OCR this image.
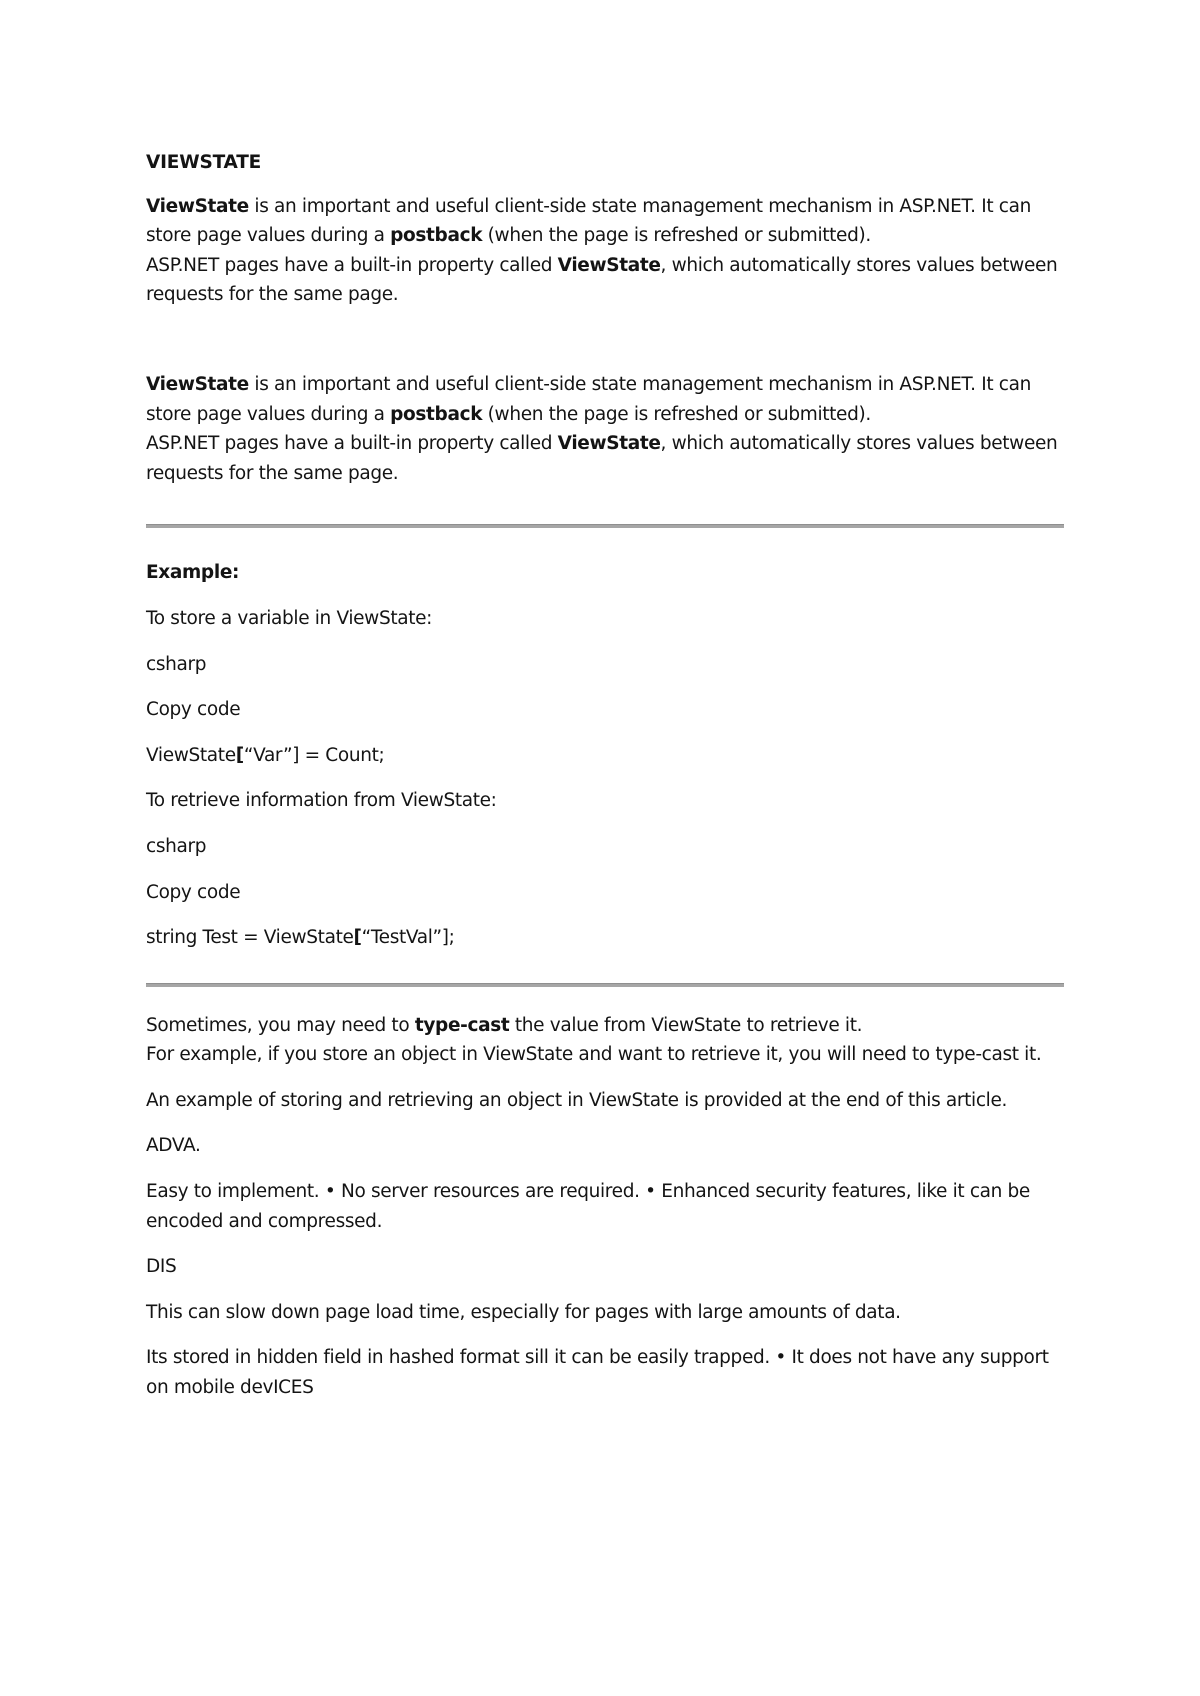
VIEWSTATE

ViewState is an important and useful client-side state management mechanism in ASP.NET. It can
store page values during a postback (when the page is refreshed or submitted).
ASP.NET pages have a built-in property called ViewState, which automatically stores values between
requests for the same page.

ViewState is an important and useful client-side state management mechanism in ASP.NET. It can
store page values during a postback (when the page is refreshed or submitted).
ASP.NET pages have a built-in property called ViewState, which automatically stores values between
requests for the same page.

Example:

To store a variable in ViewState:

csharp

Copy code

ViewState[“Var”] = Count;

To retrieve information from ViewState:

csharp

Copy code

string Test = ViewState[“TestVal”];

Sometimes, you may need to type-cast the value from ViewState to retrieve it.
For example, if you store an object in ViewState and want to retrieve it, you will need to type-cast it.

An example of storing and retrieving an object in ViewState is provided at the end of this article.

ADVA.

Easy to implement. • No server resources are required. • Enhanced security features, like it can be
encoded and compressed.

DIS

This can slow down page load time, especially for pages with large amounts of data.

Its stored in hidden field in hashed format sill it can be easily trapped. • It does not have any support
on mobile devICES
